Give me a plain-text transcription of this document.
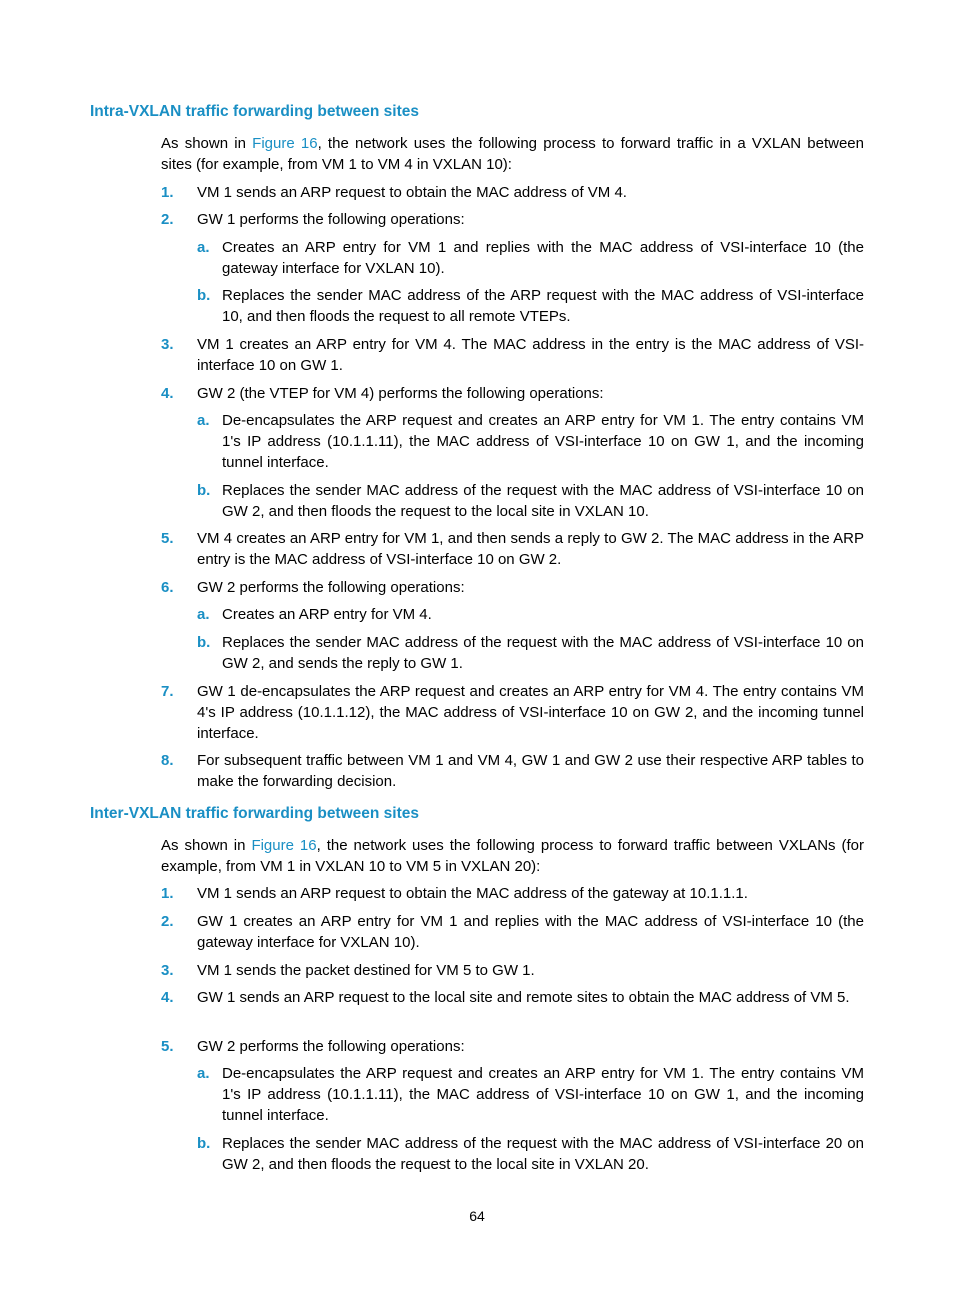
Intra-VXLAN traffic forwarding between sites

As shown in Figure 16, the network uses the following process to forward traffic in a VXLAN between sites (for example, from VM 1 to VM 4 in VXLAN 10):

1. VM 1 sends an ARP request to obtain the MAC address of VM 4.
2. GW 1 performs the following operations:
a. Creates an ARP entry for VM 1 and replies with the MAC address of VSI-interface 10 (the gateway interface for VXLAN 10).
b. Replaces the sender MAC address of the ARP request with the MAC address of VSI-interface 10, and then floods the request to all remote VTEPs.
3. VM 1 creates an ARP entry for VM 4. The MAC address in the entry is the MAC address of VSI-interface 10 on GW 1.
4. GW 2 (the VTEP for VM 4) performs the following operations:
a. De-encapsulates the ARP request and creates an ARP entry for VM 1. The entry contains VM 1's IP address (10.1.1.11), the MAC address of VSI-interface 10 on GW 1, and the incoming tunnel interface.
b. Replaces the sender MAC address of the request with the MAC address of VSI-interface 10 on GW 2, and then floods the request to the local site in VXLAN 10.
5. VM 4 creates an ARP entry for VM 1, and then sends a reply to GW 2. The MAC address in the ARP entry is the MAC address of VSI-interface 10 on GW 2.
6. GW 2 performs the following operations:
a. Creates an ARP entry for VM 4.
b. Replaces the sender MAC address of the request with the MAC address of VSI-interface 10 on GW 2, and sends the reply to GW 1.
7. GW 1 de-encapsulates the ARP request and creates an ARP entry for VM 4. The entry contains VM 4's IP address (10.1.1.12), the MAC address of VSI-interface 10 on GW 2, and the incoming tunnel interface.
8. For subsequent traffic between VM 1 and VM 4, GW 1 and GW 2 use their respective ARP tables to make the forwarding decision.
Inter-VXLAN traffic forwarding between sites

As shown in Figure 16, the network uses the following process to forward traffic between VXLANs (for example, from VM 1 in VXLAN 10 to VM 5 in VXLAN 20):

1. VM 1 sends an ARP request to obtain the MAC address of the gateway at 10.1.1.1.
2. GW 1 creates an ARP entry for VM 1 and replies with the MAC address of VSI-interface 10 (the gateway interface for VXLAN 10).
3. VM 1 sends the packet destined for VM 5 to GW 1.
4. GW 1 sends an ARP request to the local site and remote sites to obtain the MAC address of VM 5.
5. GW 2 performs the following operations:
a. De-encapsulates the ARP request and creates an ARP entry for VM 1. The entry contains VM 1's IP address (10.1.1.11), the MAC address of VSI-interface 10 on GW 1, and the incoming tunnel interface.
b. Replaces the sender MAC address of the request with the MAC address of VSI-interface 20 on GW 2, and then floods the request to the local site in VXLAN 20.
64
